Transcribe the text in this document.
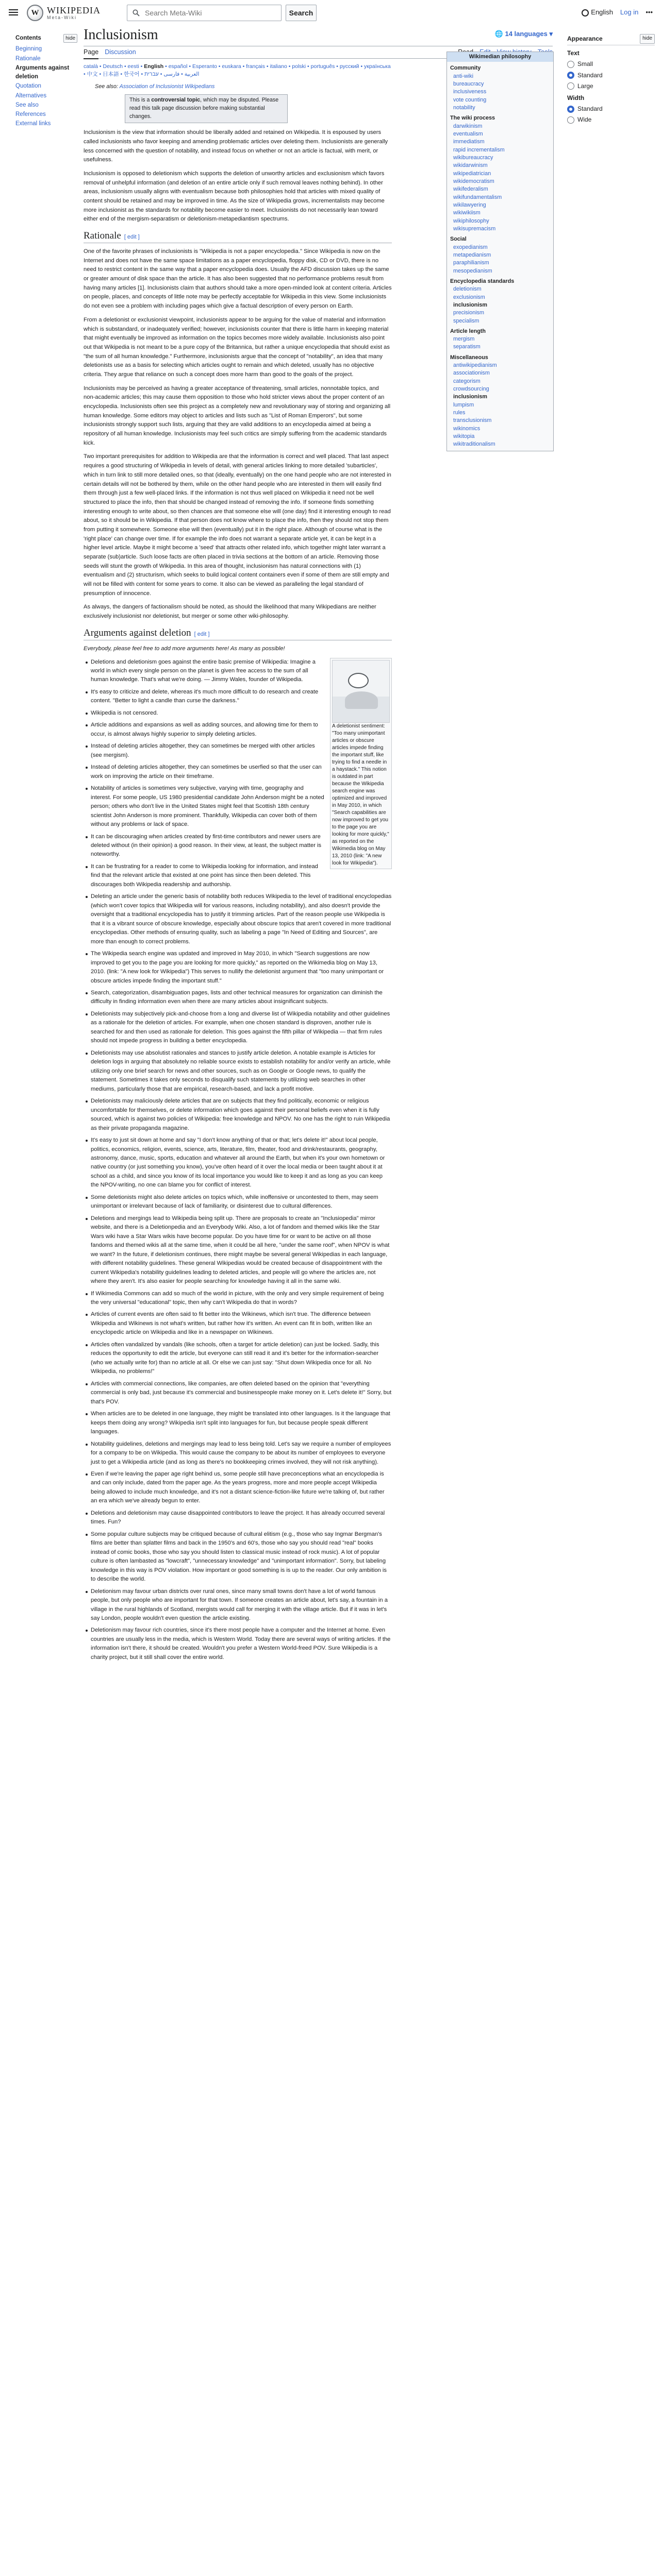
W WIKIPEDIA
Meta-Wiki
Search Meta-Wiki
Search	English Log in •••
Contents	hide
Beginning
Rationale
Arguments against deletion
Quotation
Alternatives
See also
References
External links
Inclusionism	🌐 14 languages ▾
Page Discussion
català • Deutsch • eesti • English • español • Esperanto • euskara • français • italiano • polski • português • русский • українська • 中文 • 日本語 • 한국어 • العربية • فارسی • עברית
See also: Association of Inclusionist Wikipedians
This is a controversial topic, which may be disputed. Please read this talk page discussion before making substantial changes.

Inclusionism is the view that information should be liberally added and retained on Wikipedia. It is espoused by users called inclusionists who favor keeping and amending problematic articles over deleting them. Inclusionists are generally less concerned with the question of notability, and instead focus on whether or not an article is factual, with merit, or usefulness.

Inclusionism is opposed to deletionism which supports the deletion of unworthy articles and exclusionism which favors removal of unhelpful information (and deletion of an entire article only if such removal leaves nothing behind). In other areas, inclusionism usually aligns with eventualism because both philosophies hold that articles with mixed quality of content should be retained and may be improved in time. As the size of Wikipedia grows, incrementalists may become more inclusionist as the standards for notability become easier to meet. Inclusionists do not necessarily lean toward either end of the mergism-separatism or deletionism-metapediantism spectrums.

Rationale [ edit ]

One of the favorite phrases of inclusionists is "Wikipedia is not a paper encyclopedia." Since Wikipedia is now on the Internet and does not have the same space limitations as a paper encyclopedia, floppy disk, CD or DVD, there is no need to restrict content in the same way that a paper encyclopedia does. Usually the AFD discussion takes up the same or greater amount of disk space than the article. It has also been suggested that no performance problems result from having many articles [1]. Inclusionists claim that authors should take a more open-minded look at content criteria. Articles on people, places, and concepts of little note may be perfectly acceptable for Wikipedia in this view. Some inclusionists do not even see a problem with including pages which give a factual description of every person on Earth.

From a deletionist or exclusionist viewpoint, inclusionists appear to be arguing for the value of material and information which is substandard, or inadequately verified; however, inclusionists counter that there is little harm in keeping material that might eventually be improved as information on the topics becomes more widely available. Inclusionists also point out that Wikipedia is not meant to be a pure copy of the Britannica, but rather a unique encyclopedia that should exist as "the sum of all human knowledge." Furthermore, inclusionists argue that the concept of "notability", an idea that many deletionists use as a basis for selecting which articles ought to remain and which deleted, usually has no objective criteria. They argue that reliance on such a concept does more harm than good to the goals of the project.

Inclusionists may be perceived as having a greater acceptance of threatening, small articles, nonnotable topics, and non-academic articles; this may cause them opposition to those who hold stricter views about the proper content of an encyclopedia. Inclusionists often see this project as a completely new and revolutionary way of storing and organizing all human knowledge. Some editors may object to articles and lists such as "List of Roman Emperors", but some inclusionists strongly support such lists, arguing that they are valid additions to an encyclopedia aimed at being a repository of all human knowledge. Inclusionists may feel such critics are simply suffering from the academic standards kick.

Two important prerequisites for addition to Wikipedia are that the information is correct and well placed. That last aspect requires a good structuring of Wikipedia in levels of detail, with general articles linking to more detailed 'subarticles', which in turn link to still more detailed ones, so that (ideally, eventually) on the one hand people who are not interested in certain details will not be bothered by them, while on the other hand people who are interested in them will easily find them through just a few well-placed links. If the information is not thus well placed on Wikipedia it need not be well structured to place the info, then that should be changed instead of removing the info. If someone finds something interesting enough to write about, so then chances are that someone else will (one day) find it interesting enough to read about, so it should be in Wikipedia. If that person does not know where to place the info, then they should not stop them from putting it somewhere. Someone else will then (eventually) put it in the right place. Although of course what is the 'right place' can change over time. If for example the info does not warrant a separate article yet, it can be kept in a higher level article. Maybe it might become a 'seed' that attracts other related info, which together might later warrant a separate (sub)article. Such loose facts are often placed in trivia sections at the bottom of an article. Removing those seeds will stunt the growth of Wikipedia. In this area of thought, inclusionism has natural connections with (1) eventualism and (2) structurism, which seeks to build logical content containers even if some of them are still empty and will not be filled with content for some years to come. It also can be viewed as paralleling the legal standard of presumption of innocence.

As always, the dangers of factionalism should be noted, as should the likelihood that many Wikipedians are neither exclusively inclusionist nor deletionist, but merger or some other wiki-philosophy.

Arguments against deletion [ edit ]
Everybody, please feel free to add more arguments here! As many as possible!
A deletionist sentiment: "Too many unimportant articles or obscure articles impede finding the important stuff, like trying to find a needle in a haystack." This notion is outdated in part because the Wikipedia search engine was optimized and improved in May 2010, in which "Search capabilities are now improved to get you to the page you are looking for more quickly," as reported on the Wikimedia blog on May 13, 2010 (link: "A new look for Wikipedia").
Deletions and deletionism goes against the entire basic premise of Wikipedia: Imagine a world in which every single person on the planet is given free access to the sum of all human knowledge. That's what we're doing. — Jimmy Wales, founder of Wikipedia.
It's easy to criticize and delete, whereas it's much more difficult to do research and create content. "Better to light a candle than curse the darkness."
Wikipedia is not censored.
Article additions and expansions as well as adding sources, and allowing time for them to occur, is almost always highly superior to simply deleting articles.
Instead of deleting articles altogether, they can sometimes be merged with other articles (see mergism).
Instead of deleting articles altogether, they can sometimes be userfied so that the user can work on improving the article on their timeframe.
Notability of articles is sometimes very subjective, varying with time, geography and interest. For some people, US 1980 presidential candidate John Anderson might be a noted person; others who don't live in the United States might feel that Scottish 18th century scientist John Anderson is more prominent. Thankfully, Wikipedia can cover both of them without any problems or lack of space.
It can be discouraging when articles created by first-time contributors and newer users are deleted without (in their opinion) a good reason. In their view, at least, the subject matter is noteworthy.
It can be frustrating for a reader to come to Wikipedia looking for information, and instead find that the relevant article that existed at one point has since then been deleted. This discourages both Wikipedia readership and authorship.
Deleting an article under the generic basis of notability both reduces Wikipedia to the level of traditional encyclopedias (which won't cover topics that Wikipedia will for various reasons, including notability), and also doesn't provide the oversight that a traditional encyclopedia has to justify it trimming articles. Part of the reason people use Wikipedia is that it is a vibrant source of obscure knowledge, especially about obscure topics that aren't covered in more traditional encyclopedias. Other methods of ensuring quality, such as labeling a page "In Need of Editing and Sources", are more than enough to correct problems.
The Wikipedia search engine was updated and improved in May 2010, in which "Search suggestions are now improved to get you to the page you are looking for more quickly," as reported on the Wikimedia blog on May 13, 2010. (link: "A new look for Wikipedia") This serves to nullify the deletionist argument that "too many unimportant or obscure articles impede finding the important stuff."
Search, categorization, disambiguation pages, lists and other technical measures for organization can diminish the difficulty in finding information even when there are many articles about insignificant subjects.
Deletionists may subjectively pick-and-choose from a long and diverse list of Wikipedia notability and other guidelines as a rationale for the deletion of articles. For example, when one chosen standard is disproven, another rule is searched for and then used as rationale for deletion. This goes against the fifth pillar of Wikipedia — that firm rules should not impede progress in building a better encyclopedia.
Deletionists may use absolutist rationales and stances to justify article deletion. A notable example is Articles for deletion logs in arguing that absolutely no reliable source exists to establish notability for and/or verify an article, while utilizing only one brief search for news and other sources, such as on Google or Google news, to qualify the statement. Sometimes it takes only seconds to disqualify such statements by utilizing web searches in other mediums, particularly those that are empirical, research-based, and lack a profit motive.
Deletionists may maliciously delete articles that are on subjects that they find politically, economic or religious uncomfortable for themselves, or delete information which goes against their personal beliefs even when it is fully sourced, which is against two policies of Wikipedia: free knowledge and NPOV. No one has the right to ruin Wikipedia as their private propaganda magazine.
It's easy to just sit down at home and say "I don't know anything of that or that; let's delete it!" about local people, politics, economics, religion, events, science, arts, literature, film, theater, food and drink/restaurants, geography, astronomy, dance, music, sports, education and whatever all around the Earth, but when it's your own hometown or native country (or just something you know), you've often heard of it over the local media or been taught about it at school as a child, and since you know of its local importance you would like to keep it and as long as you can keep the NPOV-writing, no one can blame you for conflict of interest.
Some deletionists might also delete articles on topics which, while inoffensive or uncontested to them, may seem unimportant or irrelevant because of lack of familiarity, or disinterest due to cultural differences.
Deletions and mergings lead to Wikipedia being split up. There are proposals to create an "Inclusiopedia" mirror website, and there is a Deletionpedia and an Everybody Wiki. Also, a lot of fandom and themed wikis like the Star Wars wiki have a Star Wars wikis have become popular. Do you have time for or want to be active on all those fandoms and themed wikis all at the same time, when it could be all here, "under the same roof", when NPOV is what we want? In the future, if deletionism continues, there might maybe be several general Wikipedias in each language, with different notability guidelines. These general Wikipedias would be created because of disappointment with the current Wikipedia's notability guidelines leading to deleted articles, and people will go where the articles are, not where they aren't. It's also easier for people searching for knowledge having it all in the same wiki.
If Wikimedia Commons can add so much of the world in picture, with the only and very simple requirement of being the very universal "educational" topic, then why can't Wikipedia do that in words?
Articles of current events are often said to fit better into the Wikinews, which isn't true. The difference between Wikipedia and Wikinews is not what's written, but rather how it's written. An event can fit in both, written like an encyclopedic article on Wikipedia and like in a newspaper on Wikinews.
Articles often vandalized by vandals (like schools, often a target for article deletion) can just be locked. Sadly, this reduces the opportunity to edit the article, but everyone can still read it and it's better for the information-searcher (who we actually write for) than no article at all. Or else we can just say: "Shut down Wikipedia once for all. No Wikipedia, no problems!"
Articles with commercial connections, like companies, are often deleted based on the opinion that "everything commercial is only bad, just because it's commercial and businesspeople make money on it. Let's delete it!" Sorry, but that's POV.
When articles are to be deleted in one language, they might be translated into other languages. Is it the language that keeps them doing any wrong? Wikipedia isn't split into languages for fun, but because people speak different languages.
Notability guidelines, deletions and mergings may lead to less being told. Let's say we require a number of employees for a company to be on Wikipedia. This would cause the company to be about its number of employees to everyone just to get a Wikipedia article (and as long as there's no bookkeeping crimes involved, they will not risk anything).
Even if we're leaving the paper age right behind us, some people still have preconceptions what an encyclopedia is and can only include, dated from the paper age. As the years progress, more and more people accept Wikipedia being allowed to include much knowledge, and it's not a distant science-fiction-like future we're talking of, but rather an era which we've already begun to enter.
Deletions and deletionism may cause disappointed contributors to leave the project. It has already occurred several times. Fun?
Some popular culture subjects may be critiqued because of cultural elitism (e.g., those who say Ingmar Bergman's films are better than splatter films and back in the 1950's and 60's, those who say you should read "real" books instead of comic books, those who say you should listen to classical music instead of rock music). A lot of popular culture is often lambasted as "lowcraft", "unnecessary knowledge" and "unimportant information". Sorry, but labeling knowledge in this way is POV violation. How important or good something is is up to the reader. Our only ambition is to describe the world.
Deletionism may favour urban districts over rural ones, since many small towns don't have a lot of world famous people, but only people who are important for that town. If someone creates an article about, let's say, a fountain in a village in the rural highlands of Scotland, mergists would call for merging it with the village article. But if it was in let's say London, people wouldn't even question the article existing.
Deletionism may favour rich countries, since it's there most people have a computer and the Internet at home. Even countries are usually less in the media, which is Western World. Today there are several ways of writing articles. If the information isn't there, it should be created. Wouldn't you prefer a Western World-freed POV. Sure Wikipedia is a charity project, but it still shall cover the entire world.
Wikimedian philosophy
Community
anti-wiki
bureaucracy
inclusiveness
vote counting
notability
The wiki process
darwikinism
eventualism
immediatism
rapid incrementalism
wikibureaucracy
wikidarwinism
wikipediatrician
wikidemocratism
wikifederalism
wikifundamentalism
wikilawyering
wikiwikiism
wikiphilosophy
wikisupremacism
Social
exopedianism
metapedianism
paraphilianism
mesopedianism
Encyclopedia standards
deletionism
exclusionism
inclusionism
precisionism
specialism
Article length
mergism
separatism
Miscellaneous
antiwikipedianism
associationism
categorism
crowdsourcing
inclusionism
lumpism
rules
transclusionism
wikinomics
wikitopia
wikitraditionalism
Appearance	hide
Text
Small
Standard
Large
Width
Standard
Wide
